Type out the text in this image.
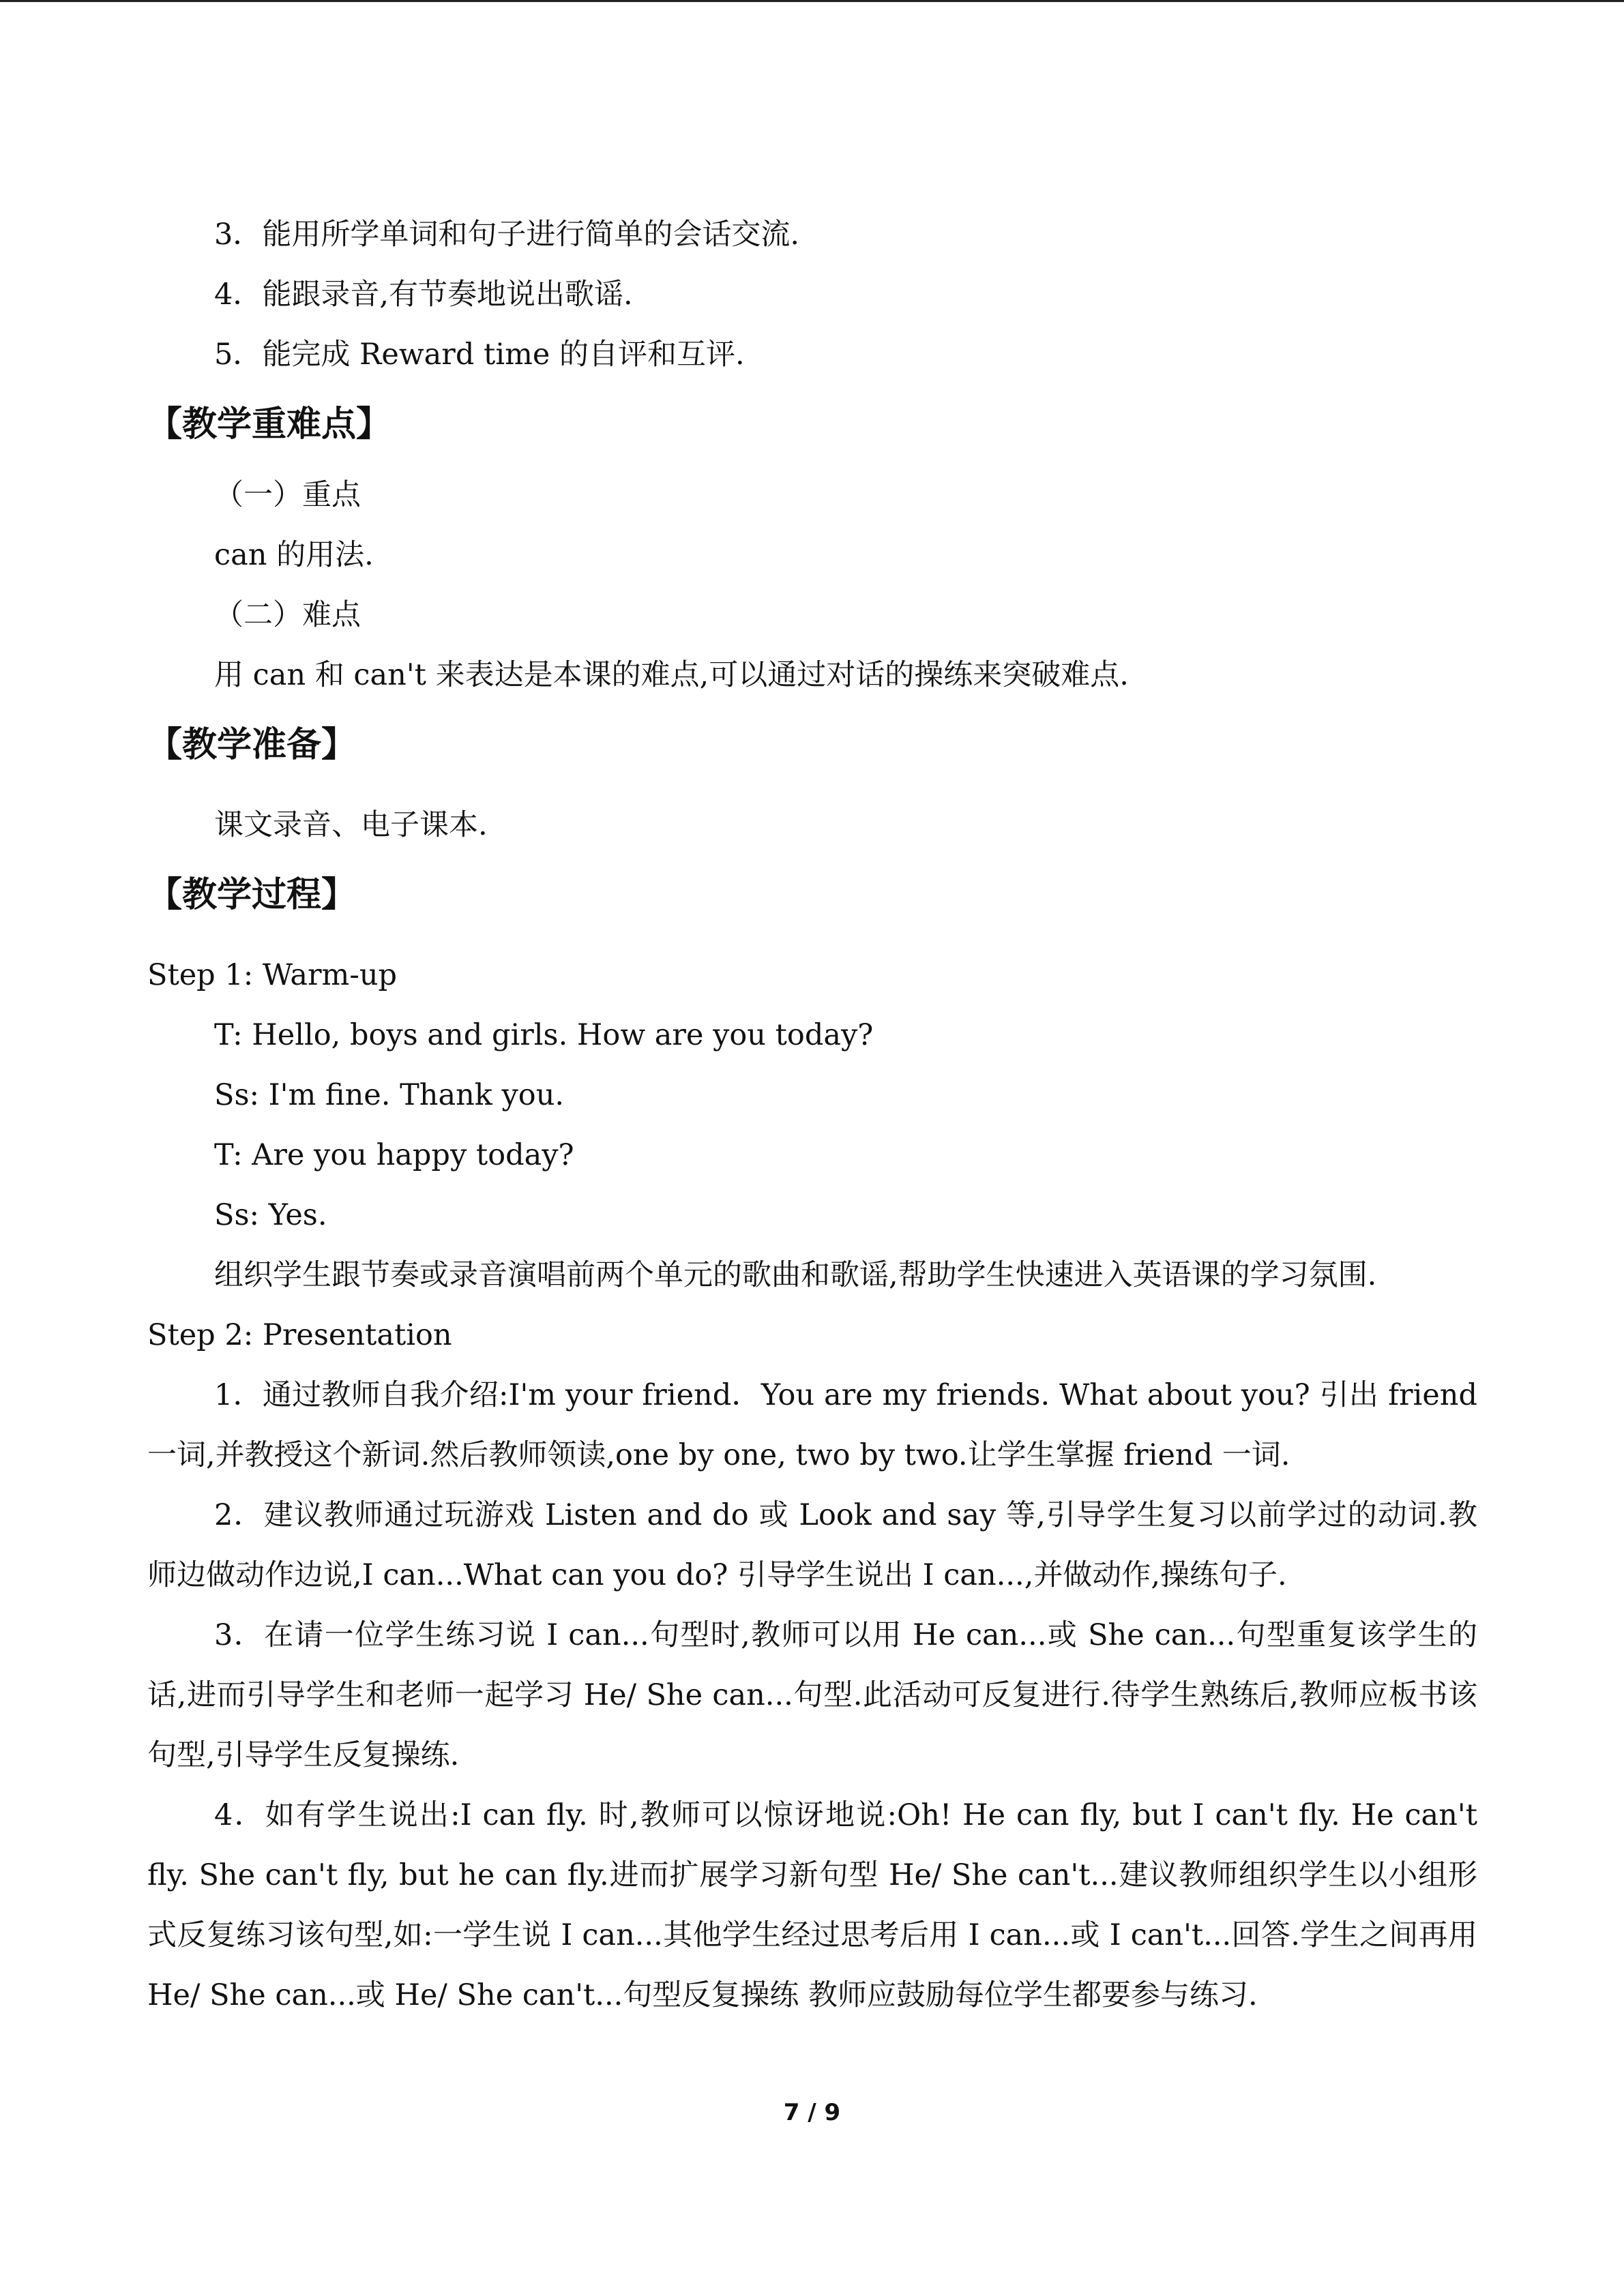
3．能用所学单词和句子进行简单的会话交流.

4．能跟录音,有节奏地说出歌谣.

5．能完成 Reward time 的自评和互评.

【教学重难点】

（一）重点

can 的用法.

（二）难点

用 can 和 can't 来表达是本课的难点,可以通过对话的操练来突破难点.

【教学准备】

课文录音、电子课本.

【教学过程】

Step 1: Warm-up

T: Hello, boys and girls. How are you today?

Ss: I'm fine. Thank you.

T: Are you happy today?

Ss: Yes.

组织学生跟节奏或录音演唱前两个单元的歌曲和歌谣,帮助学生快速进入英语课的学习氛围.

Step 2: Presentation

1．通过教师自我介绍:I'm your friend．You are my friends. What about you? 引出 friend 一词,并教授这个新词.然后教师领读,one by one, two by two.让学生掌握 friend 一词.

2．建议教师通过玩游戏 Listen and do 或 Look and say 等,引导学生复习以前学过的动词.教师边做动作边说,I can...What can you do? 引导学生说出 I can...,并做动作,操练句子.

3．在请一位学生练习说 I can...句型时,教师可以用 He can...或 She can...句型重复该学生的话,进而引导学生和老师一起学习 He/ She can...句型.此活动可反复进行.待学生熟练后,教师应板书该句型,引导学生反复操练.

4．如有学生说出:I can fly. 时,教师可以惊讶地说:Oh! He can fly, but I can't fly. He can't fly. She can't fly, but he can fly.进而扩展学习新句型 He/ She can't...建议教师组织学生以小组形式反复练习该句型,如:一学生说 I can...其他学生经过思考后用 I can...或 I can't...回答.学生之间再用 He/ She can...或 He/ She can't...句型反复操练 教师应鼓励每位学生都要参与练习.

7 / 9
